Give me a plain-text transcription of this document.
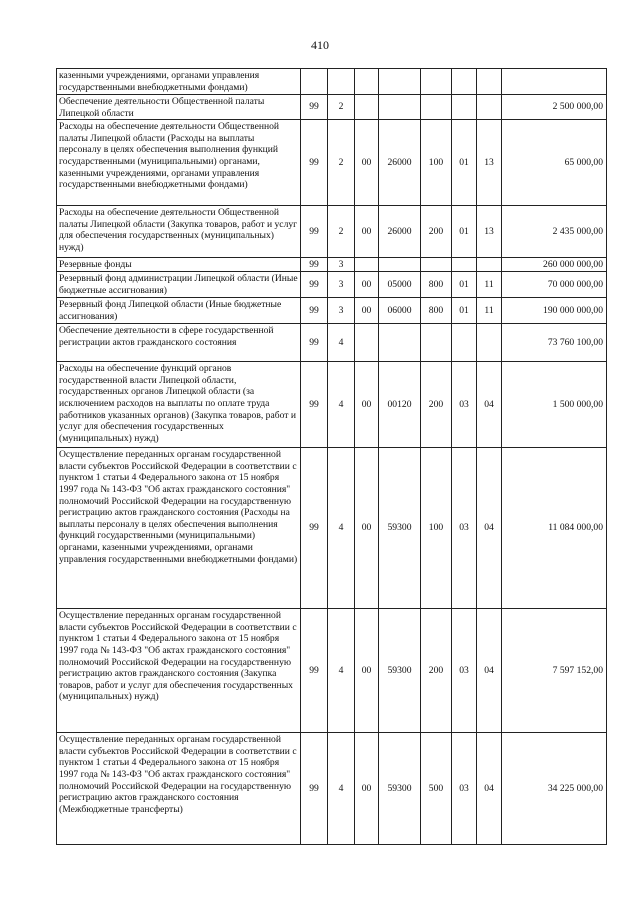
410
казенными учреждениями, органами управления государственными внебюджетными фондами)								
Обеспечение деятельности Общественной палаты Липецкой области	99	2						2 500 000,00
Расходы на обеспечение деятельности Общественной палаты Липецкой области (Расходы на выплаты персоналу в целях обеспечения выполнения функций государственными (муниципальными) органами, казенными учреждениями, органами управления государственными внебюджетными фондами)	99	2	00	26000	100	01	13	65 000,00
Расходы на обеспечение деятельности Общественной палаты Липецкой области (Закупка товаров, работ и услуг для обеспечения государственных (муниципальных) нужд)	99	2	00	26000	200	01	13	2 435 000,00
Резервные фонды	99	3						260 000 000,00
Резервный фонд администрации Липецкой области (Иные бюджетные ассигнования)	99	3	00	05000	800	01	11	70 000 000,00
Резервный фонд Липецкой области (Иные бюджетные ассигнования)	99	3	00	06000	800	01	11	190 000 000,00
Обеспечение деятельности в сфере государственной регистрации актов гражданского состояния	99	4						73 760 100,00
Расходы на обеспечение функций органов государственной власти Липецкой области, государственных органов Липецкой области (за исключением расходов на выплаты по оплате труда работников указанных органов) (Закупка товаров, работ и услуг для обеспечения государственных (муниципальных) нужд)	99	4	00	00120	200	03	04	1 500 000,00
Осуществление переданных органам государственной власти субъектов Российской Федерации в соответствии с пунктом 1 статьи 4 Федерального закона от 15 ноября 1997 года № 143-ФЗ "Об актах гражданского состояния" полномочий Российской Федерации на государственную регистрацию актов гражданского состояния (Расходы на выплаты персоналу в целях обеспечения выполнения функций государственными (муниципальными) органами, казенными учреждениями, органами управления государственными внебюджетными фондами)	99	4	00	59300	100	03	04	11 084 000,00
Осуществление переданных органам государственной власти субъектов Российской Федерации в соответствии с пунктом 1 статьи 4 Федерального закона от 15 ноября 1997 года № 143-ФЗ "Об актах гражданского состояния" полномочий Российской Федерации на государственную регистрацию актов гражданского состояния (Закупка товаров, работ и услуг для обеспечения государственных (муниципальных) нужд)	99	4	00	59300	200	03	04	7 597 152,00
Осуществление переданных органам государственной власти субъектов Российской Федерации в соответствии с пунктом 1 статьи 4 Федерального закона от 15 ноября 1997 года № 143-ФЗ "Об актах гражданского состояния" полномочий Российской Федерации на государственную регистрацию актов гражданского состояния (Межбюджетные трансферты)	99	4	00	59300	500	03	04	34 225 000,00
